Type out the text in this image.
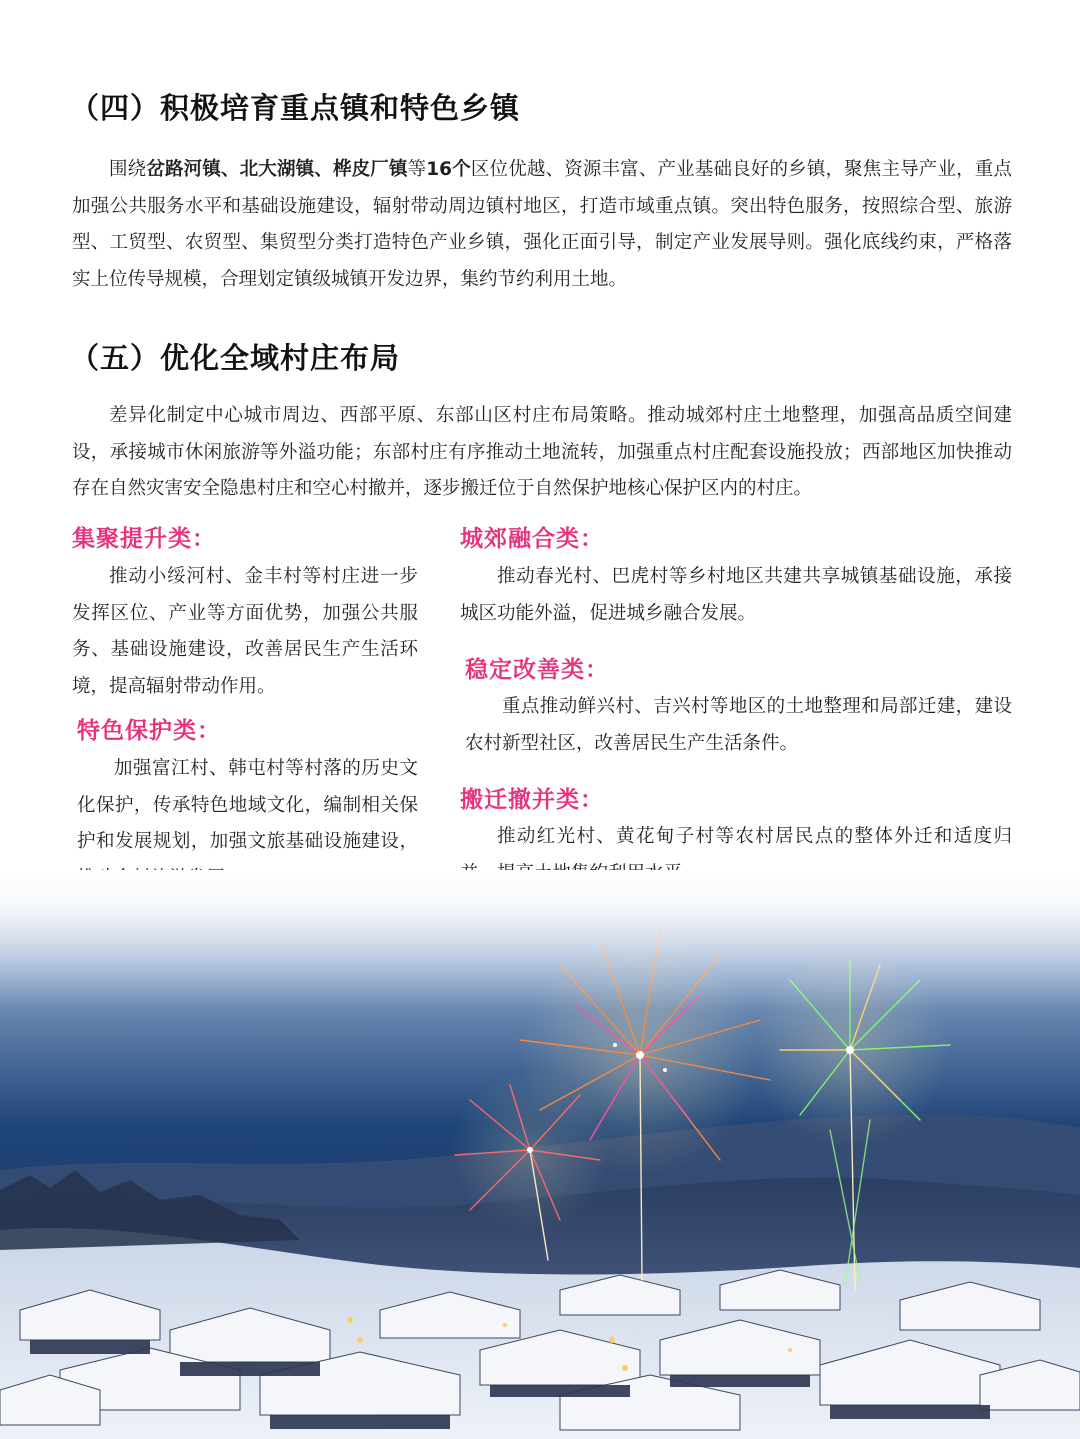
（四）积极培育重点镇和特色乡镇

围绕岔路河镇、北大湖镇、桦皮厂镇等16个区位优越、资源丰富、产业基础良好的乡镇，聚焦主导产业，重点加强公共服务水平和基础设施建设，辐射带动周边镇村地区，打造市域重点镇。突出特色服务，按照综合型、旅游型、工贸型、农贸型、集贸型分类打造特色产业乡镇，强化正面引导，制定产业发展导则。强化底线约束，严格落实上位传导规模，合理划定镇级城镇开发边界，集约节约利用土地。

（五）优化全域村庄布局

差异化制定中心城市周边、西部平原、东部山区村庄布局策略。推动城郊村庄土地整理，加强高品质空间建设，承接城市休闲旅游等外溢功能；东部村庄有序推动土地流转，加强重点村庄配套设施投放；西部地区加快推动存在自然灾害安全隐患村庄和空心村撤并，逐步搬迁位于自然保护地核心保护区内的村庄。

集聚提升类：

推动小绥河村、金丰村等村庄进一步发挥区位、产业等方面优势，加强公共服务、基础设施建设，改善居民生产生活环境，提高辐射带动作用。

特色保护类：

加强富江村、韩屯村等村落的历史文化保护，传承特色地域文化，编制相关保护和发展规划，加强文旅基础设施建设，

城郊融合类：

推动春光村、巴虎村等乡村地区共建共享城镇基础设施，承接城区功能外溢，促进城乡融合发展。

稳定改善类：

重点推动鲜兴村、吉兴村等地区的土地整理和局部迁建，建设农村新型社区，改善居民生产生活条件。

搬迁撤并类：

推动红光村、黄花甸子村等农村居民点的整体外迁和适度归
